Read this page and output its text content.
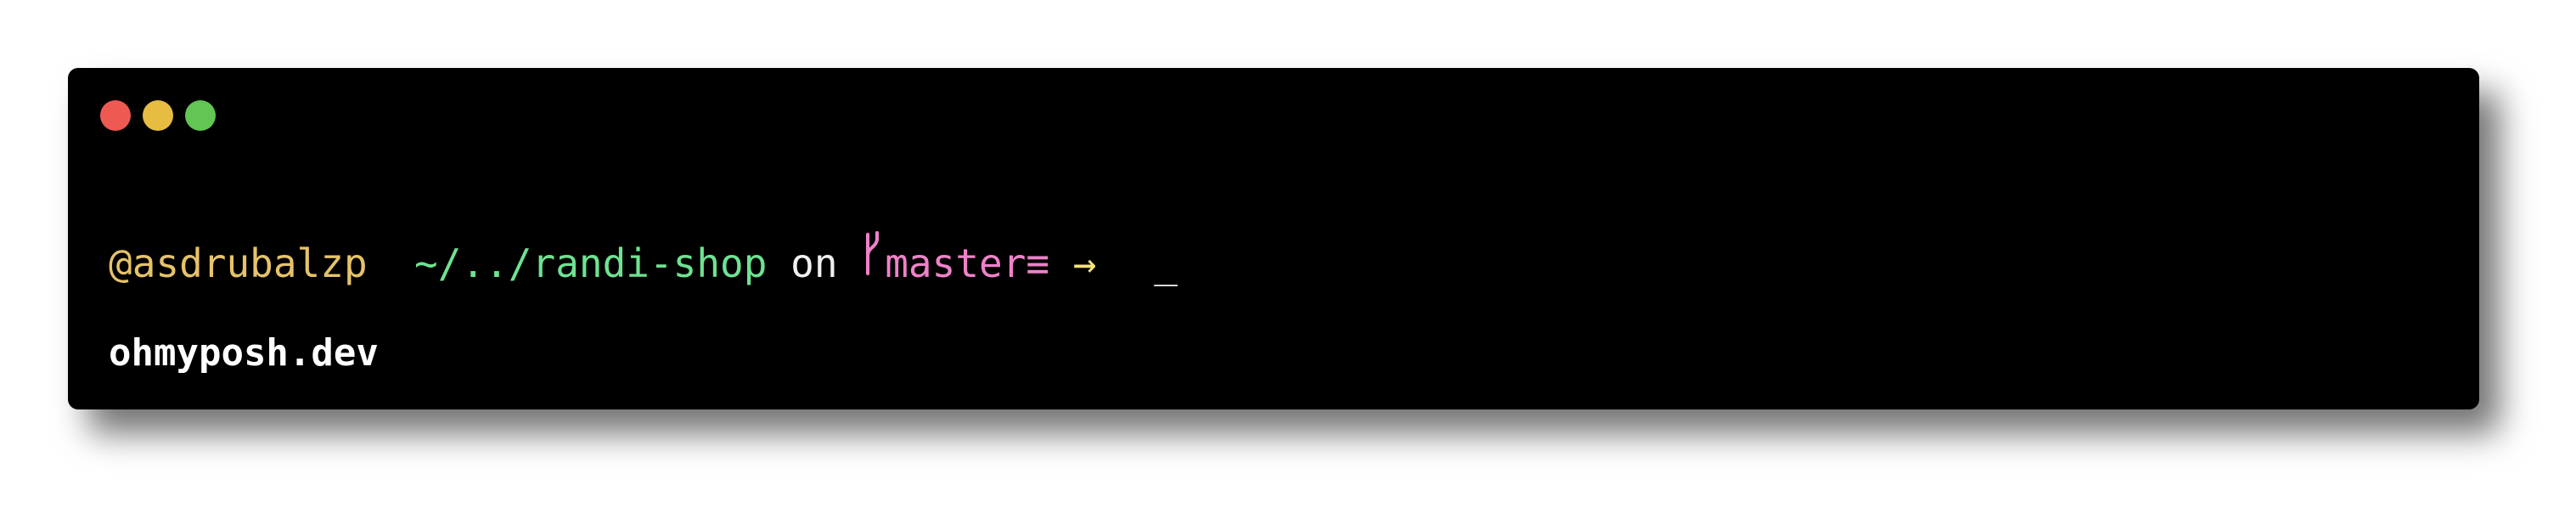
@asdrubalzp
~/../randi-shop on master ≡ → _
ohmyposh.dev
